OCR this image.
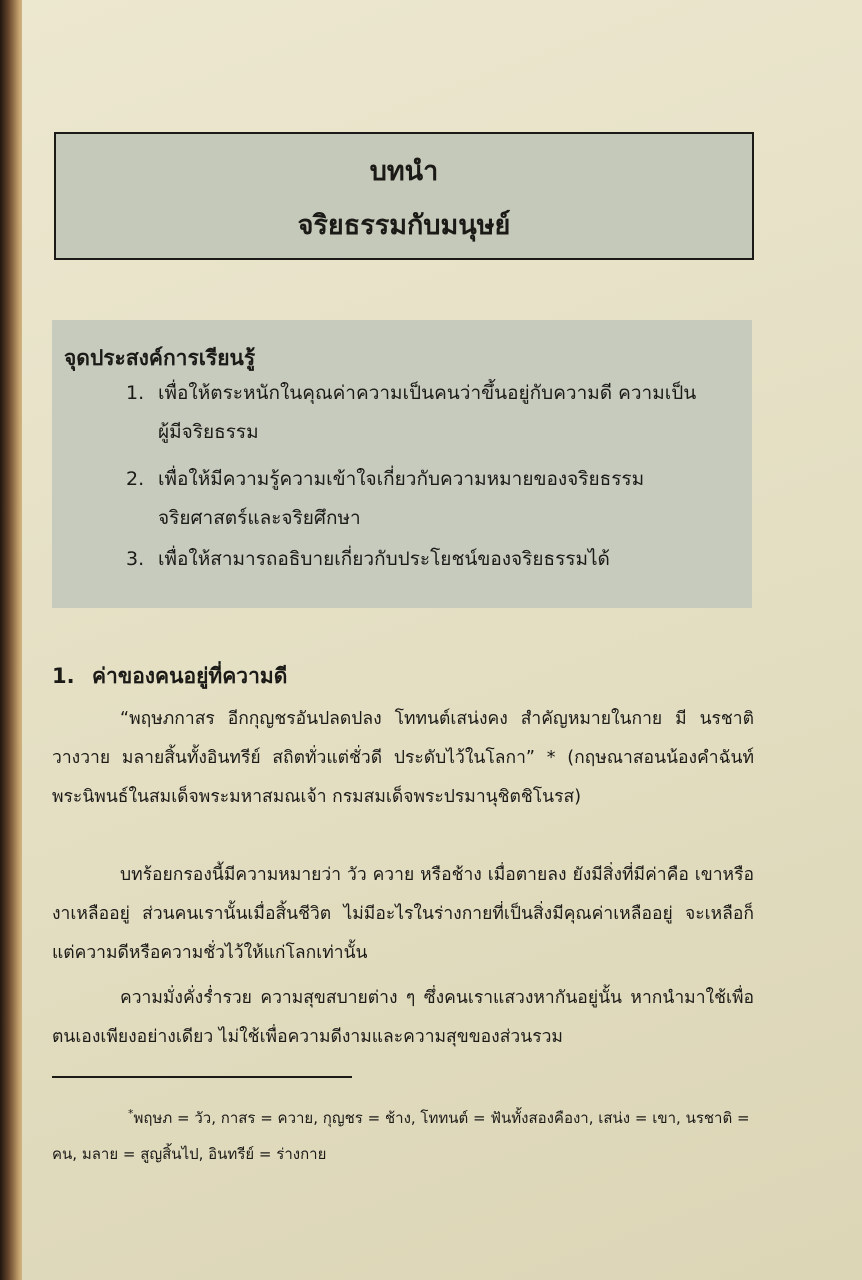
บทนำ
จริยธรรมกับมนุษย์
จุดประสงค์การเรียนรู้
1. เพื่อให้ตระหนักในคุณค่าความเป็นคนว่าขึ้นอยู่กับความดี ความเป็น
ผู้มีจริยธรรม
2. เพื่อให้มีความรู้ความเข้าใจเกี่ยวกับความหมายของจริยธรรม
จริยศาสตร์และจริยศึกษา
3. เพื่อให้สามารถอธิบายเกี่ยวกับประโยชน์ของจริยธรรมได้
1. ค่าของคนอยู่ที่ความดี
“พฤษภกาสร อีกกุญชรอันปลดปลง โททนต์เสน่งคง สำคัญหมายในกาย มี นรชาติวางวาย มลายสิ้นทั้งอินทรีย์ สถิตทั่วแต่ชั่วดี ประดับไว้ในโลกา” * (กฤษณาสอนน้องคำฉันท์ พระนิพนธ์ในสมเด็จพระมหาสมณเจ้า กรมสมเด็จพระปรมานุชิตชิโนรส)
บทร้อยกรองนี้มีความหมายว่า วัว ควาย หรือช้าง เมื่อตายลง ยังมีสิ่งที่มีค่าคือ เขาหรืองาเหลืออยู่ ส่วนคนเรานั้นเมื่อสิ้นชีวิต ไม่มีอะไรในร่างกายที่เป็นสิ่งมีคุณค่าเหลืออยู่ จะเหลือก็แต่ความดีหรือความชั่วไว้ให้แก่โลกเท่านั้น
ความมั่งคั่งร่ำรวย ความสุขสบายต่าง ๆ ซึ่งคนเราแสวงหากันอยู่นั้น หากนำมาใช้เพื่อตนเองเพียงอย่างเดียว ไม่ใช้เพื่อความดีงามและความสุขของส่วนรวม
*พฤษภ = วัว, กาสร = ควาย, กุญชร = ช้าง, โททนต์ = ฟันทั้งสองคืองา, เสน่ง = เขา, นรชาติ = คน, มลาย = สูญสิ้นไป, อินทรีย์ = ร่างกาย
